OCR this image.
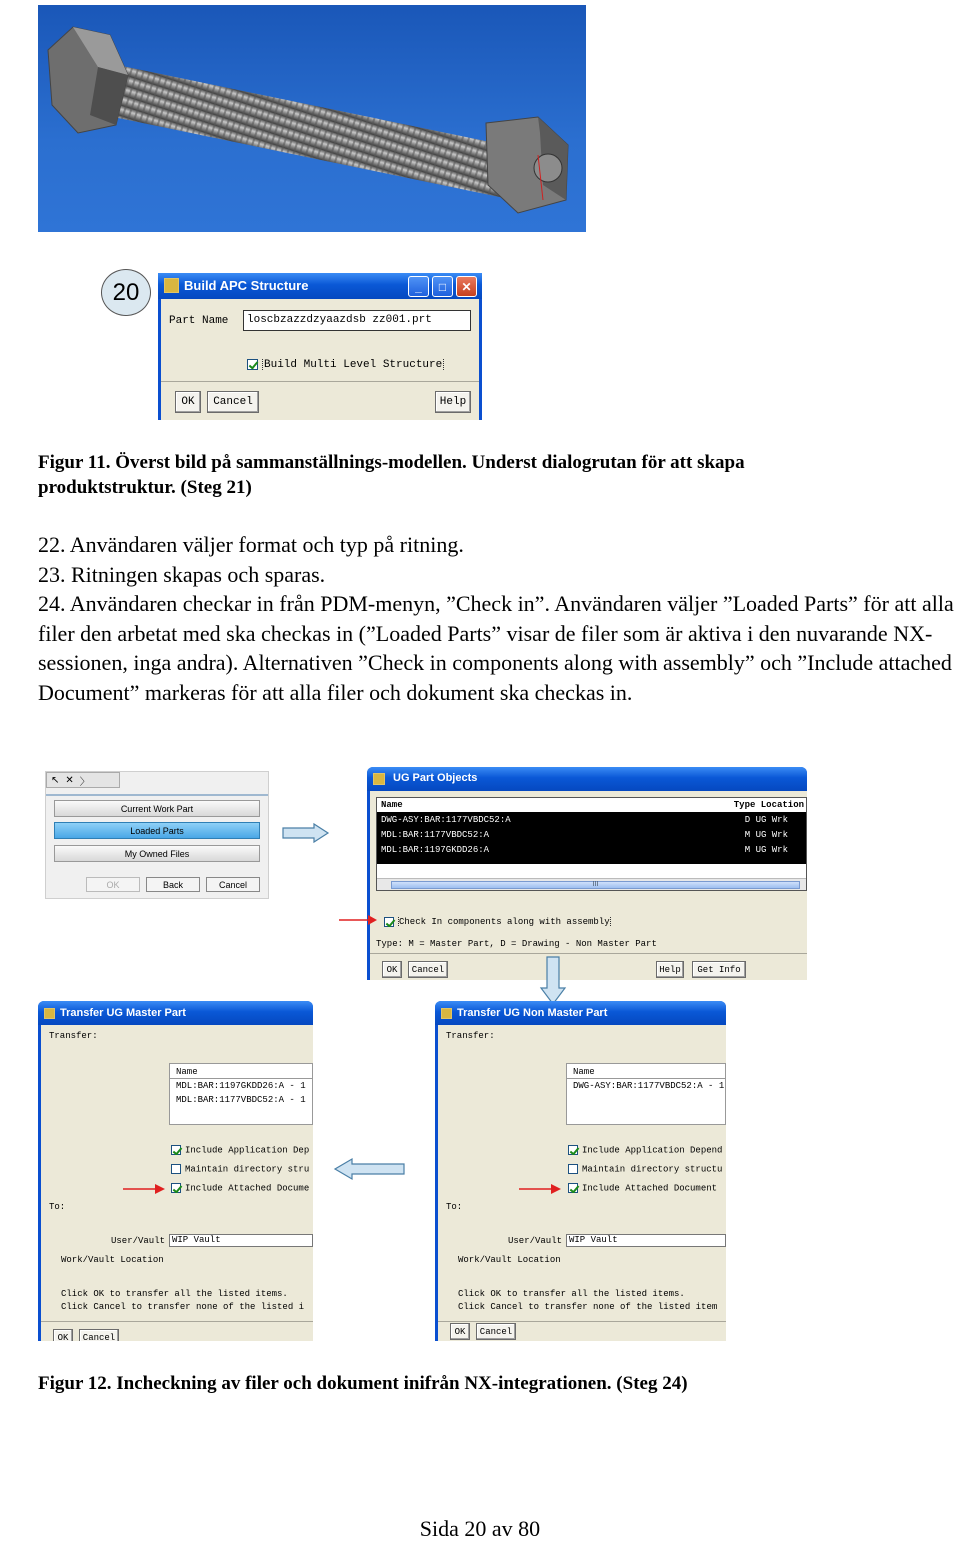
20	Build APC Structure	_	□	✕
Part Name	loscbzazzdzyaazdsb zz001.prt
Build Multi Level Structure
OK	Cancel	Help
Figur 11. Överst bild på sammanställnings-modellen. Underst dialogrutan för att skapa produktstruktur. (Steg 21)
22. Användaren väljer format och typ på ritning.
23. Ritningen skapas och sparas.
24. Användaren checkar in från PDM-menyn, ”Check in”. Användaren väljer ”Loaded Parts” för att alla filer den arbetat med ska checkas in (”Loaded Parts” visar de filer som är aktiva i den nuvarande NX-sessionen, inga andra). Alternativen ”Check in components along with assembly” och ”Include attached Document” markeras för att alla filer och dokument ska checkas in.
↖ ✕ 〉
Current Work Part
Loaded Parts
My Owned Files
OK	Back	Cancel
UG Part Objects
Name	Type Location
DWG-ASY:BAR:1177VBDC52:A	D UG Wrk
MDL:BAR:1177VBDC52:A	M UG Wrk
MDL:BAR:1197GKDD26:A	M UG Wrk
III
Check In components along with assembly
Type: M = Master Part, D = Drawing - Non Master Part
OK	Cancel	Help	Get Info
Transfer UG Master Part
Transfer:
Name
MDL:BAR:1197GKDD26:A - 1
MDL:BAR:1177VBDC52:A - 1
Include Application Dep
Maintain directory stru
Include Attached Docume
To:
User/Vault WIP Vault
Work/Vault Location
Click OK to transfer all the listed items.
Click Cancel to transfer none of the listed i
OK	Cancel
Transfer UG Non Master Part
Transfer:
Name
DWG-ASY:BAR:1177VBDC52:A - 1
Include Application Depend
Maintain directory structu
Include Attached Document
To:
User/Vault WIP Vault
Work/Vault Location
Click OK to transfer all the listed items.
Click Cancel to transfer none of the listed item
OK	Cancel
Figur 12. Incheckning av filer och dokument inifrån NX-integrationen. (Steg 24)
Sida 20 av 80
